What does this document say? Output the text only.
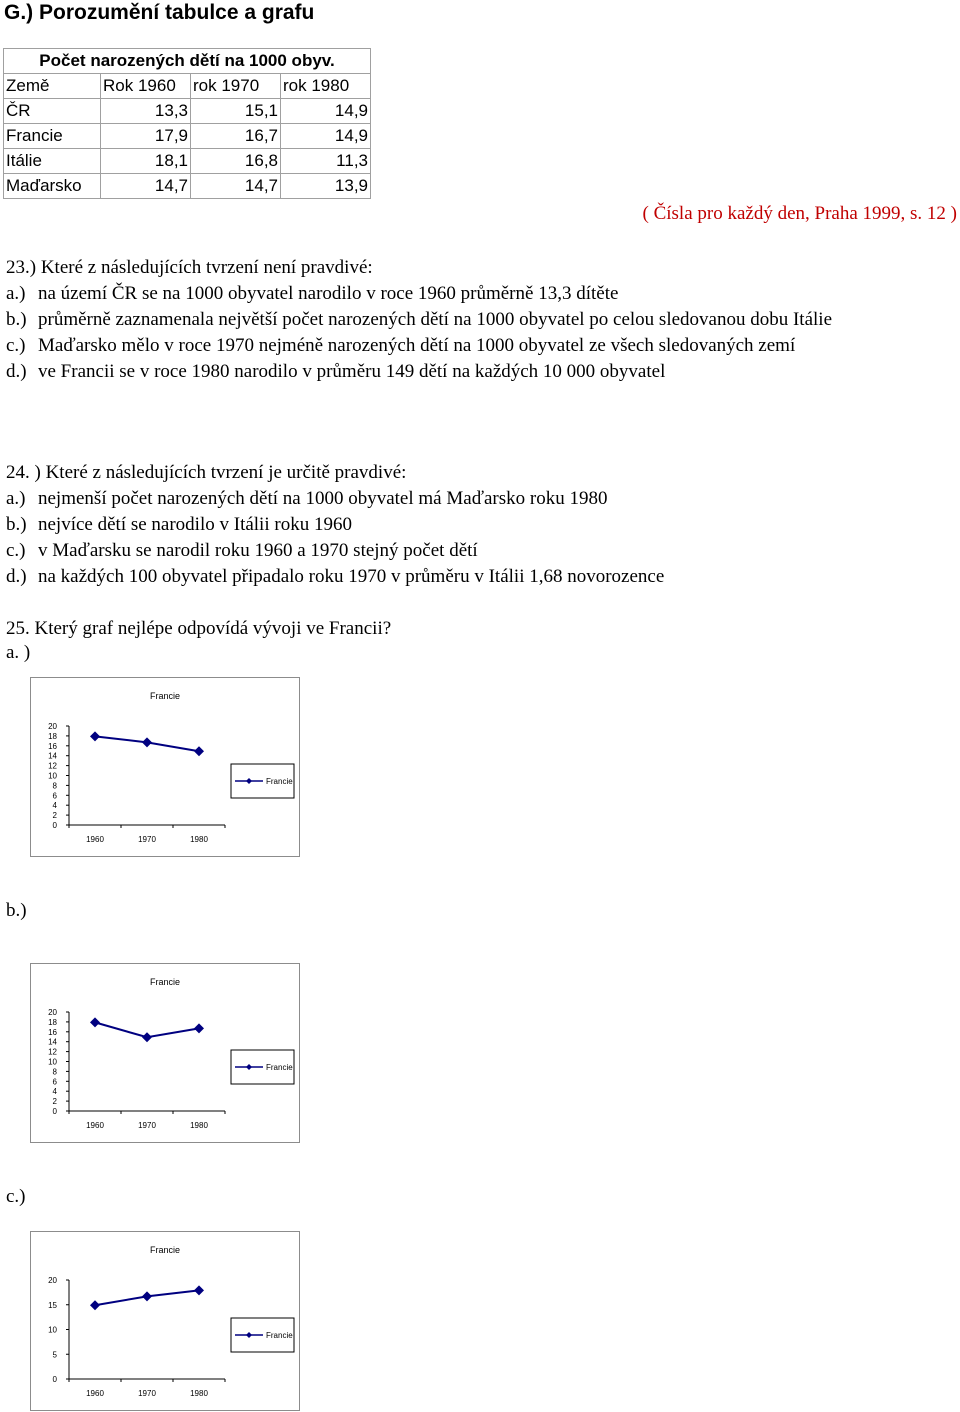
G.) Porozumění tabulce a grafu
Počet narozených dětí na 1000 obyv.			
Země	Rok 1960	rok 1970	rok 1980
ČR	13,3	15,1	14,9
Francie	17,9	16,7	14,9
Itálie	18,1	16,8	11,3
Maďarsko	14,7	14,7	13,9
( Čísla pro každý den, Praha 1999, s. 12 )

23.) Které z následujících tvrzení není pravdivé:

a.) na území ČR se na 1000 obyvatel narodilo v roce 1960 průměrně 13,3 dítěte
b.) průměrně zaznamenala největší počet narozených dětí na 1000 obyvatel po celou sledovanou dobu Itálie
c.) Maďarsko mělo v roce 1970 nejméně narozených dětí na 1000 obyvatel ze všech sledovaných zemí
d.) ve Francii se v roce 1980 narodilo v průměru 149 dětí na každých 10 000 obyvatel

24. ) Které z následujících tvrzení je určitě pravdivé:

a.) nejmenší počet narozených dětí na 1000 obyvatel má Maďarsko roku 1980
b.) nejvíce dětí se narodilo v Itálii roku 1960
c.) v Maďarsku se narodil roku 1960 a 1970 stejný počet dětí
d.) na každých 100 obyvatel připadalo roku 1970 v průměru v Itálii 1,68 novorozence

25. Který graf nejlépe odpovídá vývoji ve Francii?

a. )
Francie
20
18
16
14
12
10
8
6
4
2
0
1960	1970	1980
Francie
b.)
Francie
20
18
16
14
12
10
8
6
4
2
0
1960	1970	1980
Francie
c.)
Francie
20
15
10
5
0
1960	1970	1980
Francie
